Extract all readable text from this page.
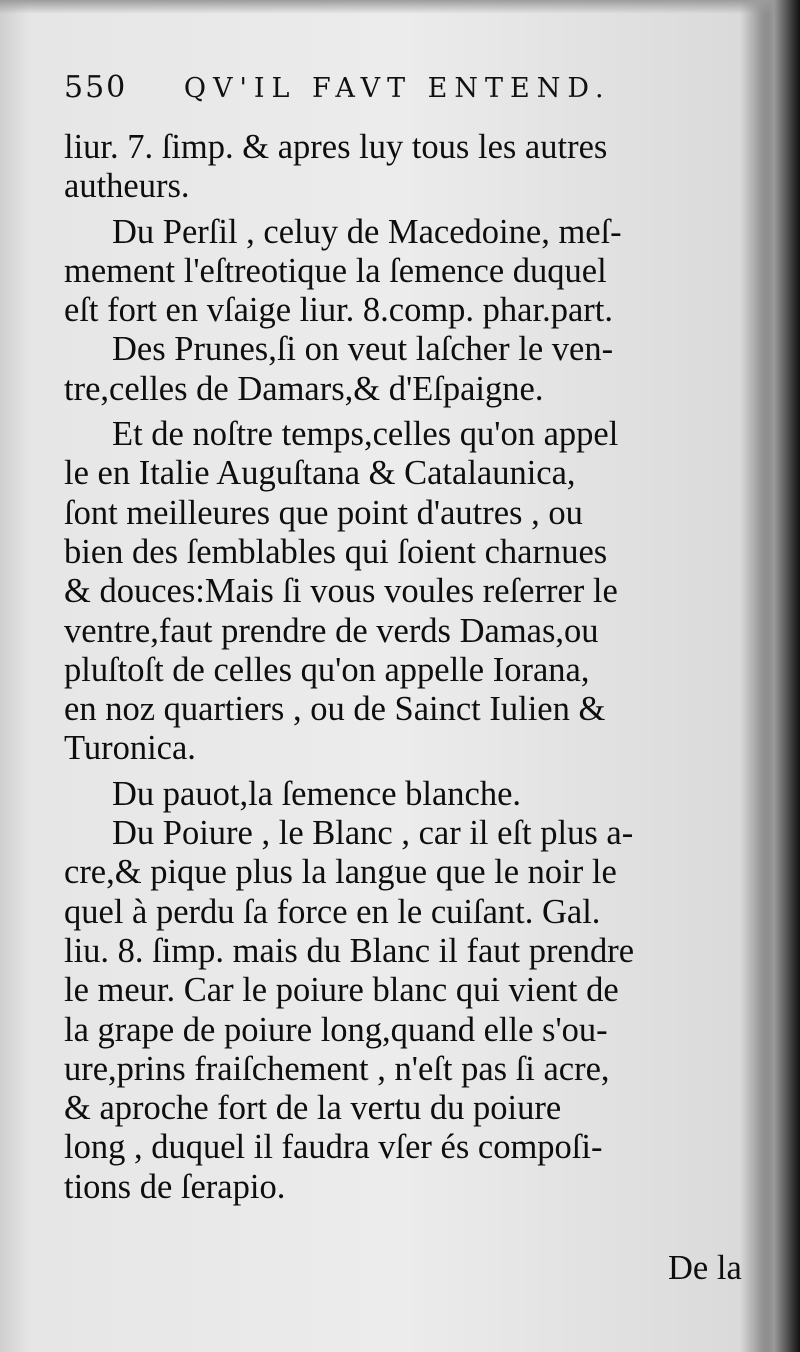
550 QV'IL FAVT ENTEND.
liur. 7. ſimp. & apres luy tous les autres
autheurs.
Du Perſil , celuy de Macedoine, meſ-
mement l'eſtreotique la ſemence duquel
eſt fort en vſaige liur. 8.comp. phar.part.
Des Prunes,ſi on veut laſcher le ven-
tre,celles de Damars,& d'Eſpaigne.
Et de noſtre temps,celles qu'on appel
le en Italie Auguſtana & Catalaunica,
ſont meilleures que point d'autres , ou
bien des ſemblables qui ſoient charnues
& douces:Mais ſi vous voules reſerrer le
ventre,faut prendre de verds Damas,ou
pluſtoſt de celles qu'on appelle Iorana,
en noz quartiers , ou de Sainct Iulien &
Turonica.
Du pauot,la ſemence blanche.
Du Poiure , le Blanc , car il eſt plus a-
cre,& pique plus la langue que le noir le
quel à perdu ſa force en le cuiſant. Gal.
liu. 8. ſimp. mais du Blanc il faut prendre
le meur. Car le poiure blanc qui vient de
la grape de poiure long,quand elle s'ou-
ure,prins fraiſchement , n'eſt pas ſi acre,
& aproche fort de la vertu du poiure
long , duquel il faudra vſer és compoſi-
tions de ſerapio.
De la
